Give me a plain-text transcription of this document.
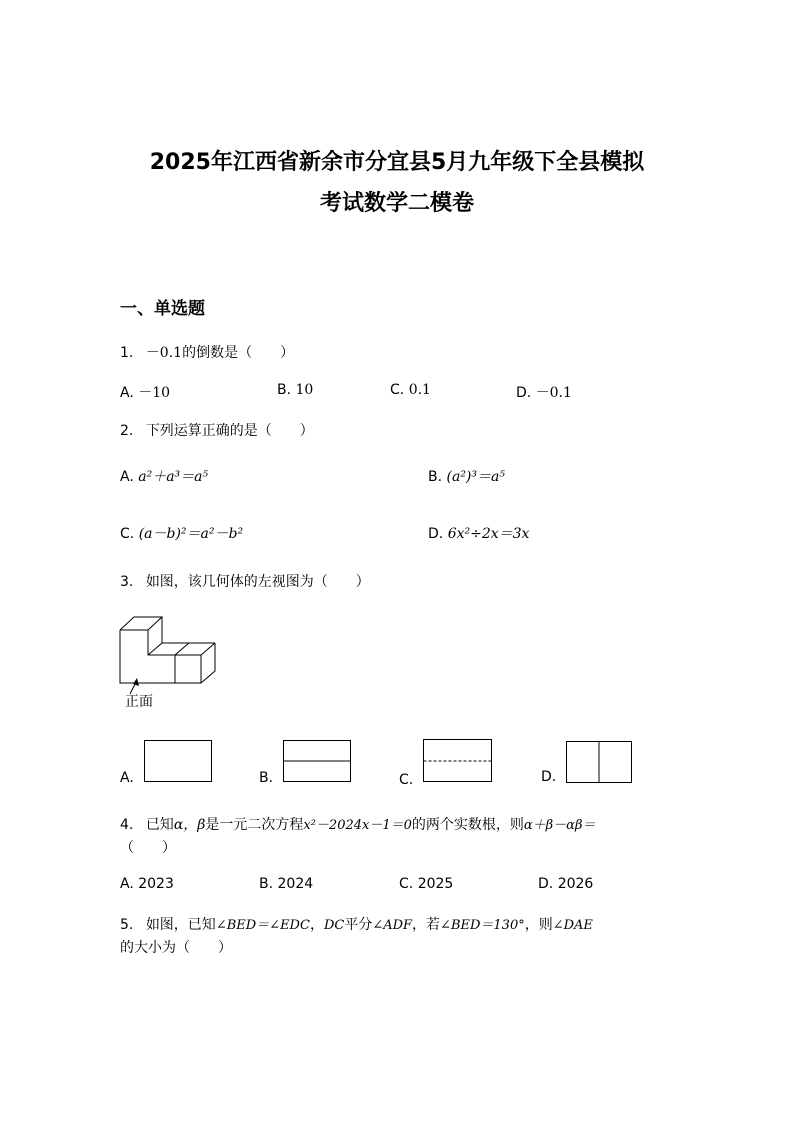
2025年江西省新余市分宜县5月九年级下全县模拟
考试数学二模卷
一、单选题
1. －0.1的倒数是（　　）
A. －10	B. 10	C. 0.1	D. －0.1
2. 下列运算正确的是（　　）
A. a²＋a³＝a⁵	B. (a²)³＝a⁵
C. (a－b)²＝a²－b²	D. 6x²÷2x＝3x
3. 如图，该几何体的左视图为（　　）
正面
A.	B.	C.	D.
4. 已知α，β是一元二次方程x²－2024x－1＝0的两个实数根，则α＋β－αβ＝
（　　）
A. 2023	B. 2024	C. 2025	D. 2026
5. 如图，已知∠BED＝∠EDC，DC平分∠ADF，若∠BED＝130°，则∠DAE
的大小为（　　）
